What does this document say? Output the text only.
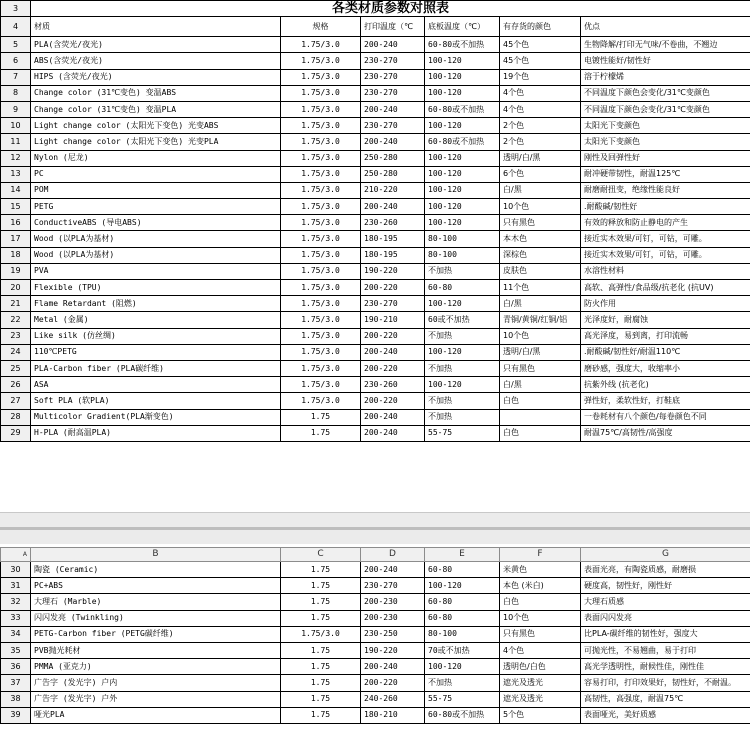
3	各类材质参数对照表					

4	材质	规格	打印温度（℃	底板温度（℃）	有存货的颜色	优点
5	PLA(含荧光/夜光)	1.75/3.0	200-240	60-80或不加热	45个色	生物降解/打印无气味/不卷曲，不翘边
6	ABS(含荧光/夜光)	1.75/3.0	230-270	100-120	45个色	电镀性能好/韧性好
7	HIPS (含荧光/夜光)	1.75/3.0	230-270	100-120	19个色	溶于柠檬烯
8	Change color (31℃变色) 变温ABS	1.75/3.0	230-270	100-120	4个色	不同温度下颜色会变化/31℃变颜色
9	Change color (31℃变色) 变温PLA	1.75/3.0	200-240	60-80或不加热	4个色	不同温度下颜色会变化/31℃变颜色
10	Light change color (太阳光下变色) 光变ABS	1.75/3.0	230-270	100-120	2个色	太阳光下变颜色
11	Light change color (太阳光下变色) 光变PLA	1.75/3.0	200-240	60-80或不加热	2个色	太阳光下变颜色
12	Nylon (尼龙)	1.75/3.0	250-280	100-120	透明/白/黑	刚性及回弹性好
13	PC	1.75/3.0	250-280	100-120	6个色	耐冲硬带韧性，耐温125℃
14	POM	1.75/3.0	210-220	100-120	白/黑	耐磨耐扭变，绝缘性能良好
15	PETG	1.75/3.0	200-240	100-120	10个色	.耐酸碱/韧性好
16	ConductiveABS (导电ABS)	1.75/3.0	230-260	100-120	只有黑色	有效的释放和防止静电的产生
17	Wood (以PLA为基材)	1.75/3.0	180-195	80-100	本木色	接近实木效果/可钉，可钻，可雕。
18	Wood (以PLA为基材)	1.75/3.0	180-195	80-100	深棕色	接近实木效果/可钉，可钻，可雕。
19	PVA	1.75/3.0	190-220	不加热	皮肤色	水溶性材料
20	Flexible (TPU)	1.75/3.0	200-220	60-80	11个色	高软、高弹性/食品级/抗老化 (抗UV)
21	Flame Retardant (阻燃)	1.75/3.0	230-270	100-120	白/黑	防火作用
22	Metal (金属)	1.75/3.0	190-210	60或不加热	青铜/黄铜/红铜/铝	光泽度好，耐腐蚀
23	Like silk (仿丝绸)	1.75/3.0	200-220	不加热	10个色	高光泽度，易到离，打印流畅
24	110℃PETG	1.75/3.0	200-240	100-120	透明/白/黑	.耐酸碱/韧性好/耐温110℃
25	PLA-Carbon fiber (PLA碳纤维)	1.75/3.0	200-220	不加热	只有黑色	磨砂感，强度大，收缩率小
26	ASA	1.75/3.0	230-260	100-120	白/黑	抗紫外线 (抗老化)
27	Soft PLA (软PLA)	1.75/3.0	200-220	不加热	白色	弹性好，柔软性好，打鞋底
28	Multicolor Gradient(PLA渐变色)	1.75	200-240	不加热		一卷耗材有八个颜色/每卷颜色不同
29	H-PLA (耐高温PLA)	1.75	200-240	55-75	白色	耐温75℃/高韧性/高强度
A	B	C	D	E	F	G
30	陶瓷 (Ceramic)	1.75	200-240	60-80	米黄色	表面光亮，有陶瓷质感，耐磨损
31	PC+ABS	1.75	230-270	100-120	本色 (米白)	硬度高，韧性好，刚性好
32	大理石 (Marble)	1.75	200-230	60-80	白色	大理石质感
33	闪闪发亮 (Twinkling)	1.75	200-230	60-80	10个色	表面闪闪发亮
34	PETG-Carbon fiber (PETG碳纤维)	1.75/3.0	230-250	80-100	只有黑色	比PLA-碳纤维的韧性好，强度大
35	PVB抛光耗材	1.75	190-220	70或不加热	4个色	可抛光性，不易翘曲，易于打印
36	PMMA (亚克力)	1.75	200-240	100-120	透明色/白色	高光学透明性，耐候性佳，刚性佳
37	广告字 (发光字) 户内	1.75	200-220	不加热	遮光及透光	容易打印，打印效果好，韧性好，不耐温。
38	广告字 (发光字) 户外	1.75	240-260	55-75	遮光及透光	高韧性，高强度，耐温75℃
39	哑光PLA	1.75	180-210	60-80或不加热	5个色	表面哑光，美好质感
